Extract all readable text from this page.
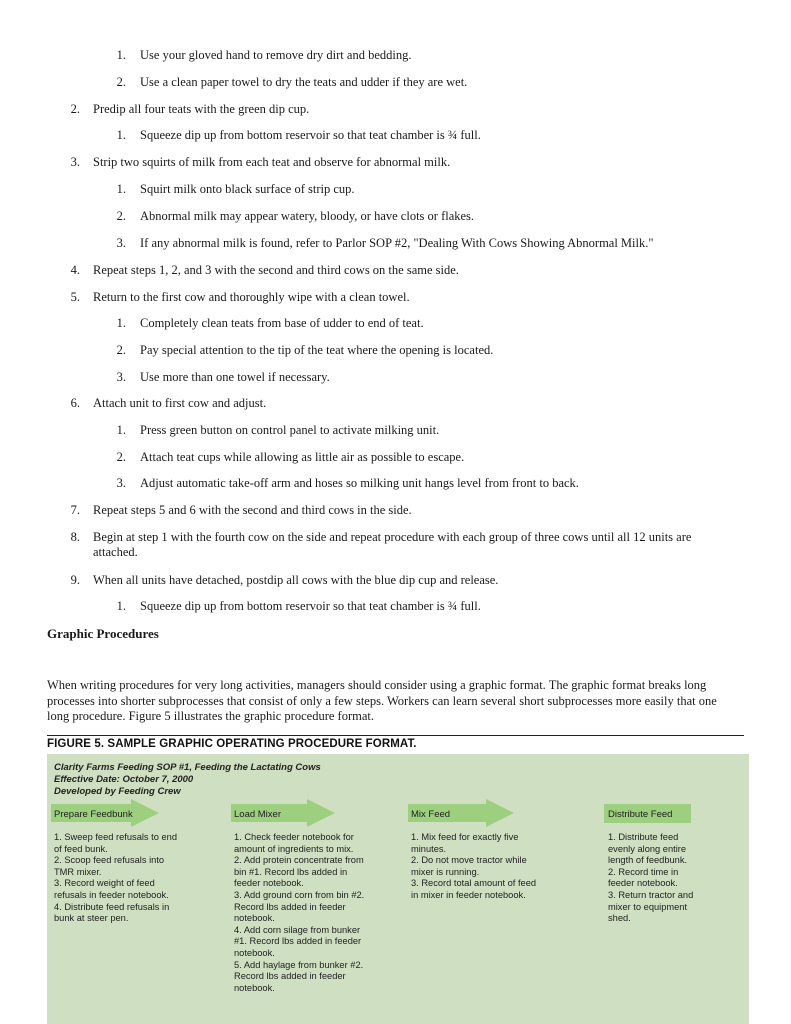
1. Use your gloved hand to remove dry dirt and bedding.
2. Use a clean paper towel to dry the teats and udder if they are wet.
2. Predip all four teats with the green dip cup.
1. Squeeze dip up from bottom reservoir so that teat chamber is ¾ full.
3. Strip two squirts of milk from each teat and observe for abnormal milk.
1. Squirt milk onto black surface of strip cup.
2. Abnormal milk may appear watery, bloody, or have clots or flakes.
3. If any abnormal milk is found, refer to Parlor SOP #2, "Dealing With Cows Showing Abnormal Milk."
4. Repeat steps 1, 2, and 3 with the second and third cows on the same side.
5. Return to the first cow and thoroughly wipe with a clean towel.
1. Completely clean teats from base of udder to end of teat.
2. Pay special attention to the tip of the teat where the opening is located.
3. Use more than one towel if necessary.
6. Attach unit to first cow and adjust.
1. Press green button on control panel to activate milking unit.
2. Attach teat cups while allowing as little air as possible to escape.
3. Adjust automatic take-off arm and hoses so milking unit hangs level from front to back.
7. Repeat steps 5 and 6 with the second and third cows in the side.
8. Begin at step 1 with the fourth cow on the side and repeat procedure with each group of three cows until all 12 units are attached.
9. When all units have detached, postdip all cows with the blue dip cup and release.
1. Squeeze dip up from bottom reservoir so that teat chamber is ¾ full.
Graphic Procedures
When writing procedures for very long activities, managers should consider using a graphic format. The graphic format breaks long processes into shorter subprocesses that consist of only a few steps. Workers can learn several short subprocesses more easily that one long procedure. Figure 5 illustrates the graphic procedure format.
FIGURE 5. SAMPLE GRAPHIC OPERATING PROCEDURE FORMAT.
Clarity Farms Feeding SOP #1, Feeding the Lactating Cows
Effective Date: October 7, 2000
Developed by Feeding Crew
Prepare Feedbunk	Load Mixer	Mix Feed	Distribute Feed
1. Sweep feed refusals to end of feed bunk.
2. Scoop feed refusals into TMR mixer.
3. Record weight of feed refusals in feeder notebook.
4. Distribute feed refusals in bunk at steer pen.
1. Check feeder notebook for amount of ingredients to mix.
2. Add protein concentrate from bin #1. Record lbs added in feeder notebook.
3. Add ground corn from bin #2. Record lbs added in feeder notebook.
4. Add corn silage from bunker #1. Record lbs added in feeder notebook.
5. Add haylage from bunker #2. Record lbs added in feeder notebook.
1. Mix feed for exactly five minutes.
2. Do not move tractor while mixer is running.
3. Record total amount of feed in mixer in feeder notebook.
1. Distribute feed evenly along entire length of feedbunk.
2. Record time in feeder notebook.
3. Return tractor and mixer to equipment shed.
